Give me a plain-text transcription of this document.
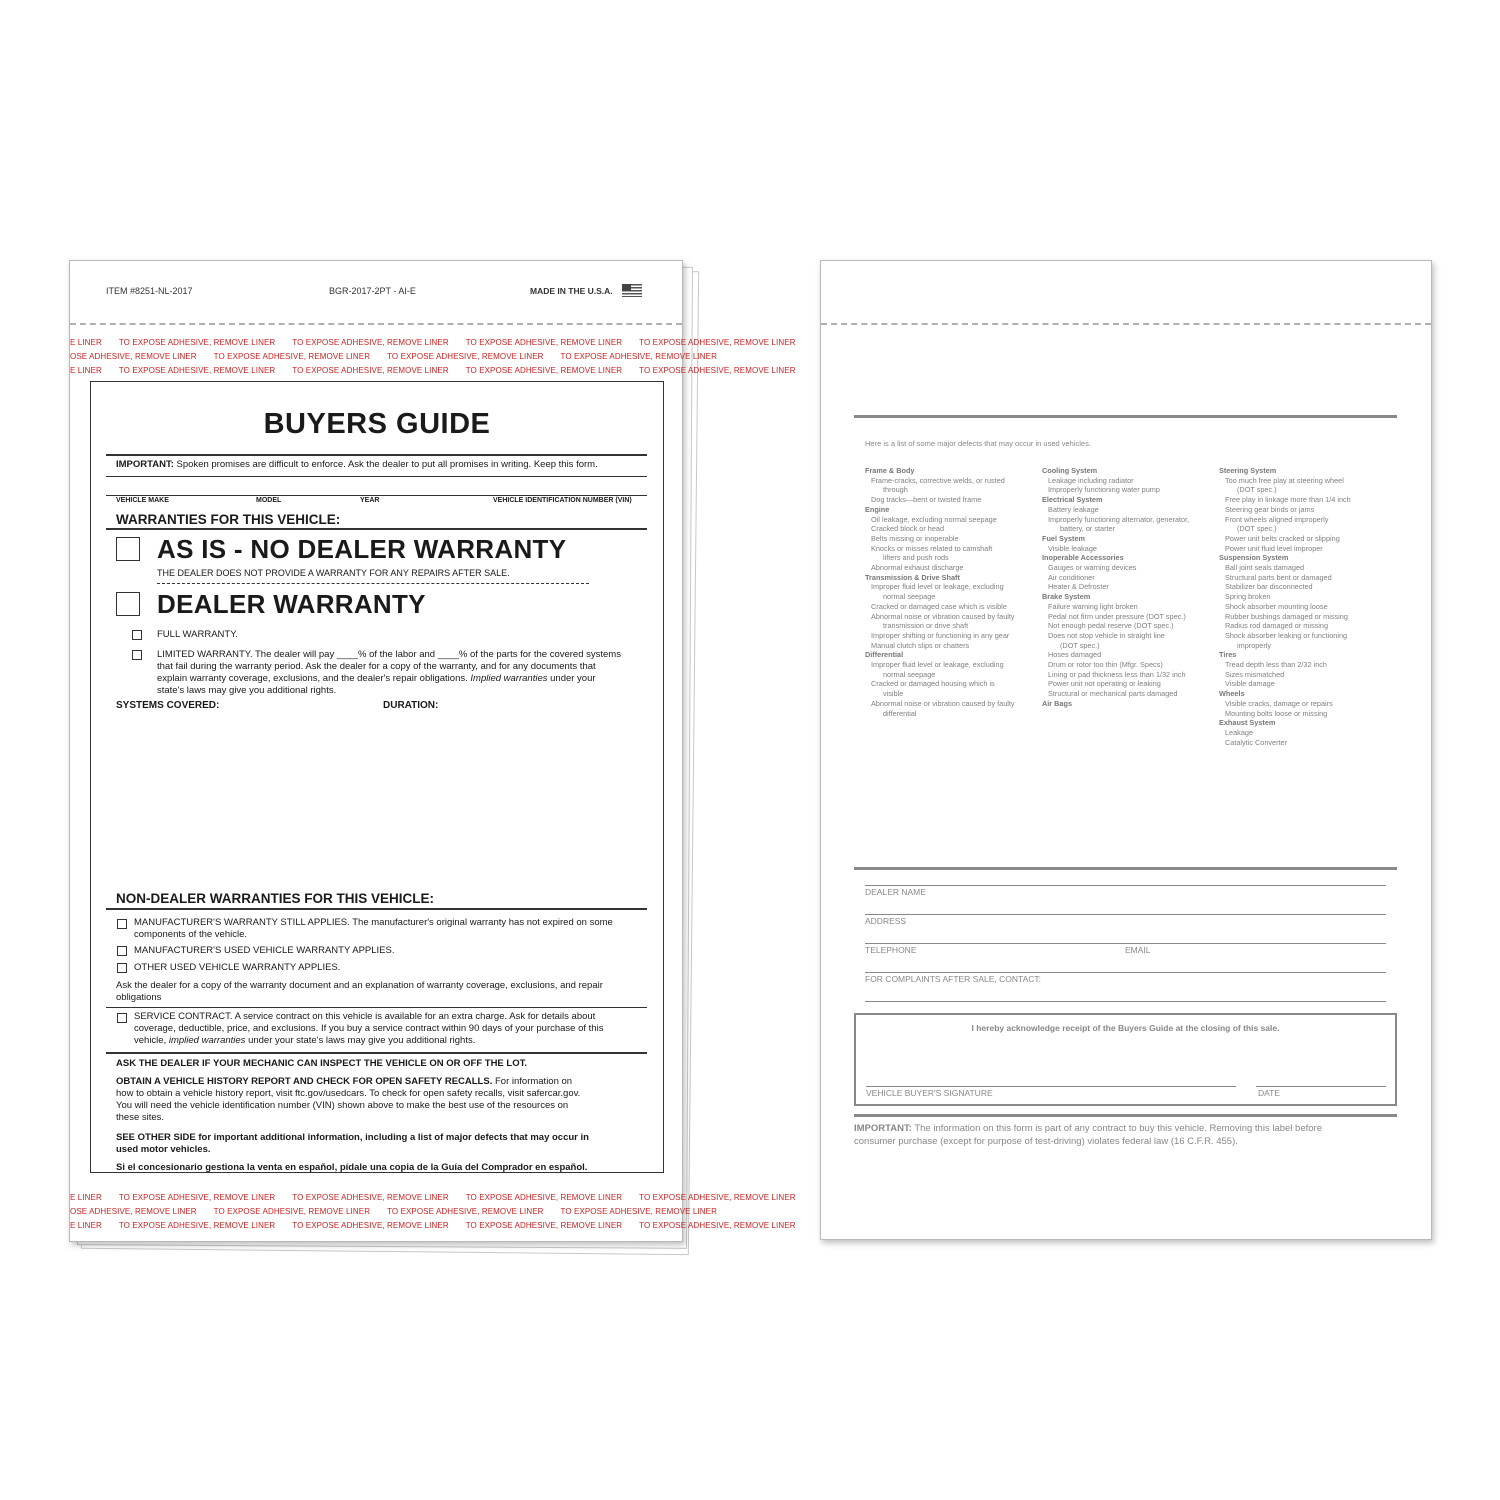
ITEM #8251-NL-2017	BGR-2017-2PT - AI-E	MADE IN THE U.S.A.
E LINER TO EXPOSE ADHESIVE, REMOVE LINER TO EXPOSE ADHESIVE, REMOVE LINER TO EXPOSE ADHESIVE, REMOVE LINER TO EXPOSE ADHESIVE, REMOVE LINER
OSE ADHESIVE, REMOVE LINER TO EXPOSE ADHESIVE, REMOVE LINER TO EXPOSE ADHESIVE, REMOVE LINER TO EXPOSE ADHESIVE, REMOVE LINER
E LINER TO EXPOSE ADHESIVE, REMOVE LINER TO EXPOSE ADHESIVE, REMOVE LINER TO EXPOSE ADHESIVE, REMOVE LINER TO EXPOSE ADHESIVE, REMOVE LINER
BUYERS GUIDE
IMPORTANT: Spoken promises are difficult to enforce. Ask the dealer to put all promises in writing. Keep this form.
VEHICLE MAKE	MODEL	YEAR	VEHICLE IDENTIFICATION NUMBER (VIN)
WARRANTIES FOR THIS VEHICLE:
AS IS - NO DEALER WARRANTY
THE DEALER DOES NOT PROVIDE A WARRANTY FOR ANY REPAIRS AFTER SALE.
DEALER WARRANTY
FULL WARRANTY.
LIMITED WARRANTY. The dealer will pay ____% of the labor and ____% of the parts for the covered systems
that fail during the warranty period. Ask the dealer for a copy of the warranty, and for any documents that
explain warranty coverage, exclusions, and the dealer's repair obligations. Implied warranties under your
state's laws may give you additional rights.
SYSTEMS COVERED:	DURATION:
NON-DEALER WARRANTIES FOR THIS VEHICLE:
MANUFACTURER'S WARRANTY STILL APPLIES. The manufacturer's original warranty has not expired on some
components of the vehicle.
MANUFACTURER'S USED VEHICLE WARRANTY APPLIES.
OTHER USED VEHICLE WARRANTY APPLIES.
Ask the dealer for a copy of the warranty document and an explanation of warranty coverage, exclusions, and repair
obligations
SERVICE CONTRACT. A service contract on this vehicle is available for an extra charge. Ask for details about
coverage, deductible, price, and exclusions. If you buy a service contract within 90 days of your purchase of this
vehicle, implied warranties under your state's laws may give you additional rights.
ASK THE DEALER IF YOUR MECHANIC CAN INSPECT THE VEHICLE ON OR OFF THE LOT.
OBTAIN A VEHICLE HISTORY REPORT AND CHECK FOR OPEN SAFETY RECALLS. For information on
how to obtain a vehicle history report, visit ftc.gov/usedcars. To check for open safety recalls, visit safercar.gov.
You will need the vehicle identification number (VIN) shown above to make the best use of the resources on
these sites.
SEE OTHER SIDE for important additional information, including a list of major defects that may occur in
used motor vehicles.
Si el concesionario gestiona la venta en español, pídale una copia de la Guía del Comprador en español.
E LINER TO EXPOSE ADHESIVE, REMOVE LINER TO EXPOSE ADHESIVE, REMOVE LINER TO EXPOSE ADHESIVE, REMOVE LINER TO EXPOSE ADHESIVE, REMOVE LINER
OSE ADHESIVE, REMOVE LINER TO EXPOSE ADHESIVE, REMOVE LINER TO EXPOSE ADHESIVE, REMOVE LINER TO EXPOSE ADHESIVE, REMOVE LINER
E LINER TO EXPOSE ADHESIVE, REMOVE LINER TO EXPOSE ADHESIVE, REMOVE LINER TO EXPOSE ADHESIVE, REMOVE LINER TO EXPOSE ADHESIVE, REMOVE LINER
Here is a list of some major defects that may occur in used vehicles.
Frame & Body
Frame-cracks, corrective welds, or rusted
through
Dog tracks—bent or twisted frame
Engine
Oil leakage, excluding normal seepage
Cracked block or head
Belts missing or inoperable
Knocks or misses related to camshaft
lifters and push rods
Abnormal exhaust discharge
Transmission & Drive Shaft
Improper fluid level or leakage, excluding
normal seepage
Cracked or damaged case which is visible
Abnormal noise or vibration caused by faulty
transmission or drive shaft
Improper shifting or functioning in any gear
Manual clutch slips or chatters
Differential
Improper fluid level or leakage, excluding
normal seepage
Cracked or damaged housing which is
visible
Abnormal noise or vibration caused by faulty
differential
Cooling System
Leakage including radiator
Improperly functioning water pump
Electrical System
Battery leakage
Improperly functioning alternator, generator,
battery, or starter
Fuel System
Visible leakage
Inoperable Accessories
Gauges or warning devices
Air conditioner
Heater & Defroster
Brake System
Failure warning light broken
Pedal not firm under pressure (DOT spec.)
Not enough pedal reserve (DOT spec.)
Does not stop vehicle in straight line
(DOT spec.)
Hoses damaged
Drum or rotor too thin (Mfgr. Specs)
Lining or pad thickness less than 1/32 inch
Power unit not operating or leaking
Structural or mechanical parts damaged
Air Bags
Steering System
Too much free play at steering wheel
(DOT spec.)
Free play in linkage more than 1/4 inch
Steering gear binds or jams
Front wheels aligned improperly
(DOT spec.)
Power unit belts cracked or slipping
Power unit fluid level improper
Suspension System
Ball joint seals damaged
Structural parts bent or damaged
Stabilizer bar disconnected
Spring broken
Shock absorber mounting loose
Rubber bushings damaged or missing
Radius rod damaged or missing
Shock absorber leaking or functioning
improperly
Tires
Tread depth less than 2/32 inch
Sizes mismatched
Visible damage
Wheels
Visible cracks, damage or repairs
Mounting bolts loose or missing
Exhaust System
Leakage
Catalytic Converter
DEALER NAME
ADDRESS
TELEPHONE	EMAIL
FOR COMPLAINTS AFTER SALE, CONTACT:
I hereby acknowledge receipt of the Buyers Guide at the closing of this sale.
VEHICLE BUYER'S SIGNATURE	DATE
IMPORTANT: The information on this form is part of any contract to buy this vehicle. Removing this label before
consumer purchase (except for purpose of test-driving) violates federal law (16 C.F.R. 455).
